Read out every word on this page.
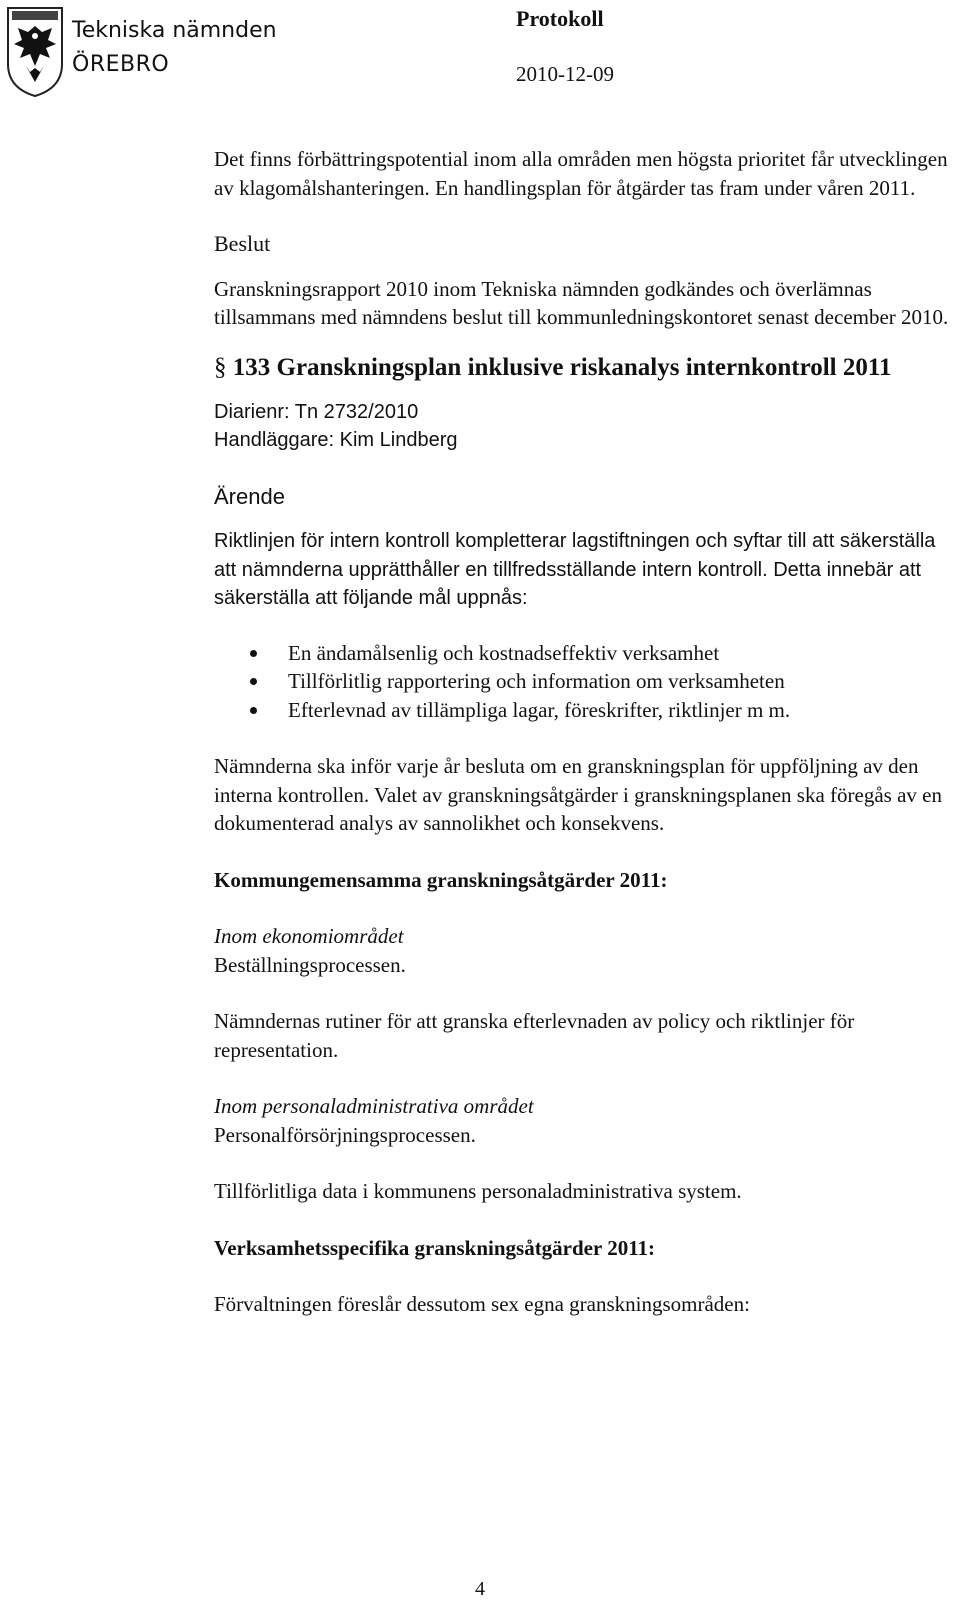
Tekniska nämnden
ÖREBRO
Protokoll
2010-12-09

Det finns förbättringspotential inom alla områden men högsta prioritet får utvecklingen av klagomålshanteringen. En handlingsplan för åtgärder tas fram under våren 2011.

Beslut

Granskningsrapport 2010 inom Tekniska nämnden godkändes och överlämnas tillsammans med nämndens beslut till kommunledningskontoret senast december 2010.

§ 133 Granskningsplan inklusive riskanalys internkontroll 2011

Diarienr: Tn 2732/2010

Handläggare: Kim Lindberg

Ärende

Riktlinjen för intern kontroll kompletterar lagstiftningen och syftar till att säkerställa att nämnderna upprätthåller en tillfredsställande intern kontroll. Detta innebär att säkerställa att följande mål uppnås:

En ändamålsenlig och kostnadseffektiv verksamhet
Tillförlitlig rapportering och information om verksamheten
Efterlevnad av tillämpliga lagar, föreskrifter, riktlinjer m m.

Nämnderna ska inför varje år besluta om en granskningsplan för uppföljning av den interna kontrollen. Valet av granskningsåtgärder i granskningsplanen ska föregås av en dokumenterad analys av sannolikhet och konsekvens.

Kommungemensamma granskningsåtgärder 2011:

Inom ekonomiområdet

Beställningsprocessen.

Nämndernas rutiner för att granska efterlevnaden av policy och riktlinjer för representation.

Inom personaladministrativa området

Personalförsörjningsprocessen.

Tillförlitliga data i kommunens personaladministrativa system.

Verksamhetsspecifika granskningsåtgärder 2011:

Förvaltningen föreslår dessutom sex egna granskningsområden:

4
